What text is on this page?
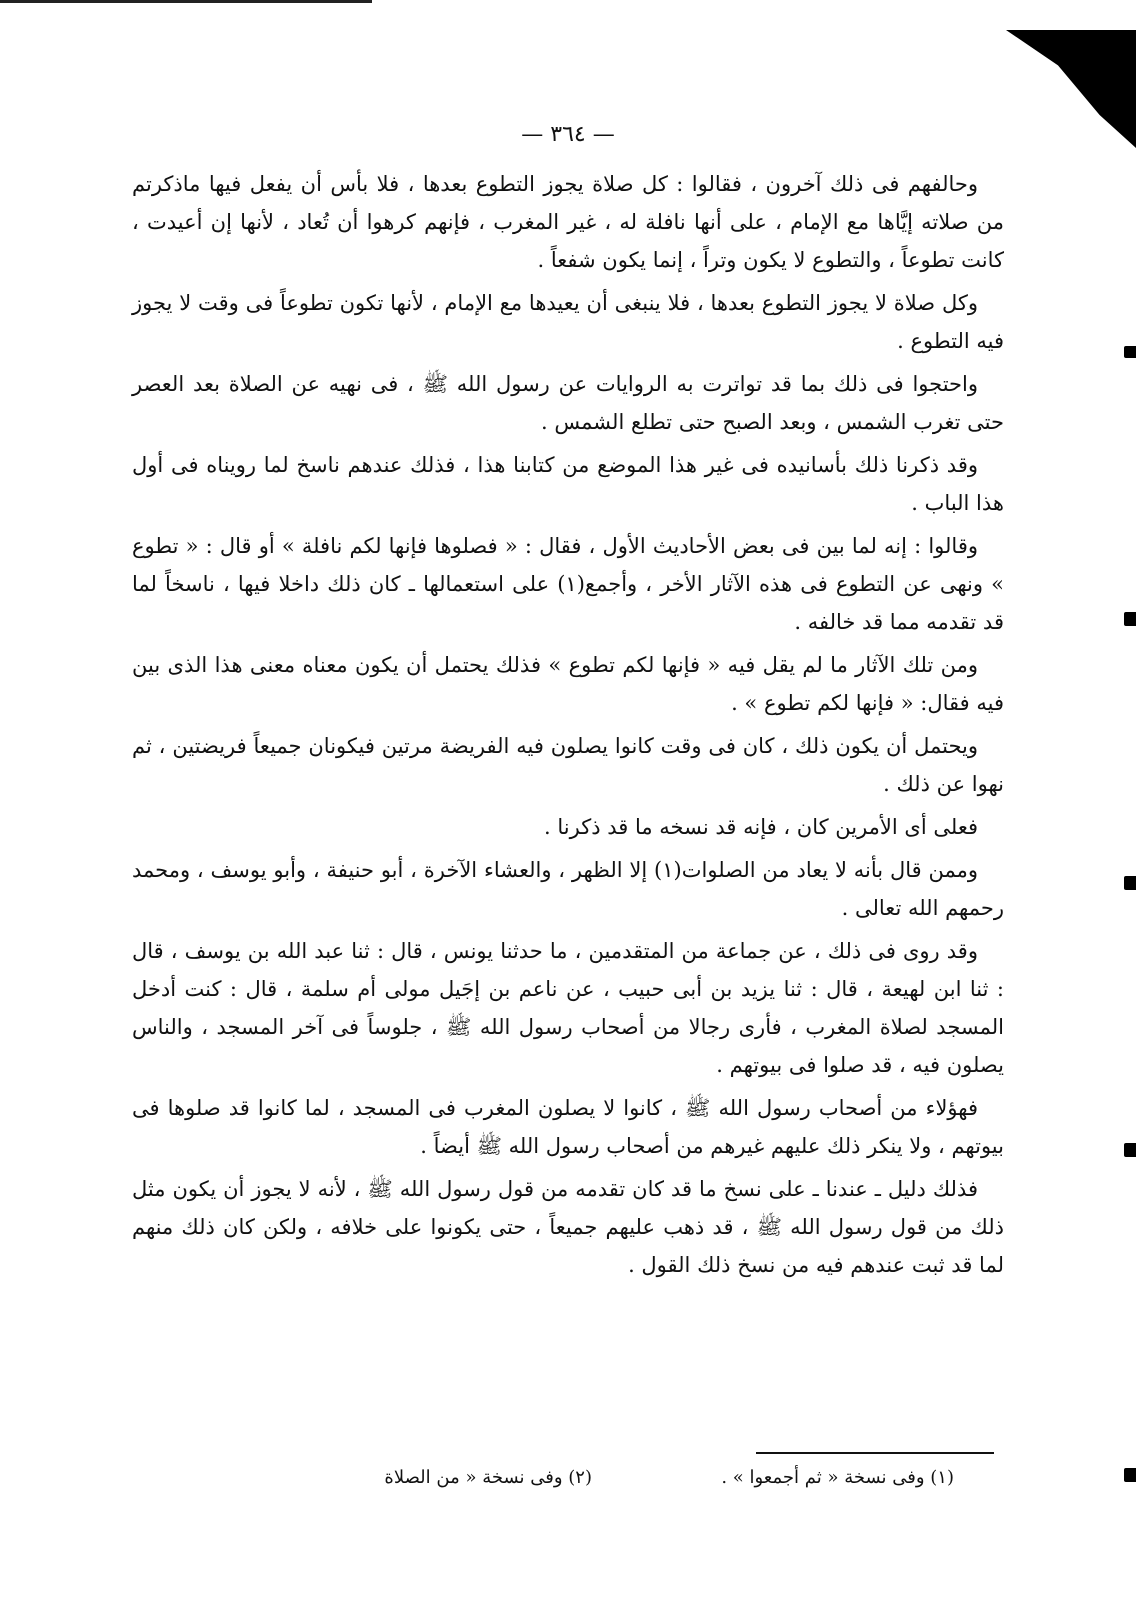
— ٣٦٤ —

وحالفهم فى ذلك آخرون ، فقالوا : كل صلاة يجوز التطوع بعدها ، فلا بأس أن يفعل فيها ماذكرتم من صلاته إيَّاها مع الإمام ، على أنها نافلة له ، غير المغرب ، فإنهم كرهوا أن تُعاد ، لأنها إن أعيدت ، كانت تطوعاً ، والتطوع لا يكون وتراً ، إنما يكون شفعاً .

وكل صلاة لا يجوز التطوع بعدها ، فلا ينبغى أن يعيدها مع الإمام ، لأنها تكون تطوعاً فى وقت لا يجوز فيه التطوع .

واحتجوا فى ذلك بما قد تواترت به الروايات عن رسول الله ﷺ ، فى نهيه عن الصلاة بعد العصر حتى تغرب الشمس ، وبعد الصبح حتى تطلع الشمس .

وقد ذكرنا ذلك بأسانيده فى غير هذا الموضع من كتابنا هذا ، فذلك عندهم ناسخ لما رويناه فى أول هذا الباب .

وقالوا : إنه لما بين فى بعض الأحاديث الأول ، فقال : « فصلوها فإنها لكم نافلة » أو قال : « تطوع » ونهى عن التطوع فى هذه الآثار الأخر ، وأجمع(١) على استعمالها ـ كان ذلك داخلا فيها ، ناسخاً لما قد تقدمه مما قد خالفه .

ومن تلك الآثار ما لم يقل فيه « فإنها لكم تطوع » فذلك يحتمل أن يكون معناه معنى هذا الذى بين فيه فقال: « فإنها لكم تطوع » .

ويحتمل أن يكون ذلك ، كان فى وقت كانوا يصلون فيه الفريضة مرتين فيكونان جميعاً فريضتين ، ثم نهوا عن ذلك .

فعلى أى الأمرين كان ، فإنه قد نسخه ما قد ذكرنا .

وممن قال بأنه لا يعاد من الصلوات(١) إلا الظهر ، والعشاء الآخرة ، أبو حنيفة ، وأبو يوسف ، ومحمد رحمهم الله تعالى .

وقد روى فى ذلك ، عن جماعة من المتقدمين ، ما حدثنا يونس ، قال : ثنا عبد الله بن يوسف ، قال : ثنا ابن لهيعة ، قال : ثنا يزيد بن أبى حبيب ، عن ناعم بن إجَيل مولى أم سلمة ، قال : كنت أدخل المسجد لصلاة المغرب ، فأرى رجالا من أصحاب رسول الله ﷺ ، جلوساً فى آخر المسجد ، والناس يصلون فيه ، قد صلوا فى بيوتهم .

فهؤلاء من أصحاب رسول الله ﷺ ، كانوا لا يصلون المغرب فى المسجد ، لما كانوا قد صلوها فى بيوتهم ، ولا ينكر ذلك عليهم غيرهم من أصحاب رسول الله ﷺ أيضاً .

فذلك دليل ـ عندنا ـ على نسخ ما قد كان تقدمه من قول رسول الله ﷺ ، لأنه لا يجوز أن يكون مثل ذلك من قول رسول الله ﷺ ، قد ذهب عليهم جميعاً ، حتى يكونوا على خلافه ، ولكن كان ذلك منهم لما قد ثبت عندهم فيه من نسخ ذلك القول .

(١) وفى نسخة « ثم أجمعوا » .
(٢) وفى نسخة « من الصلاة
